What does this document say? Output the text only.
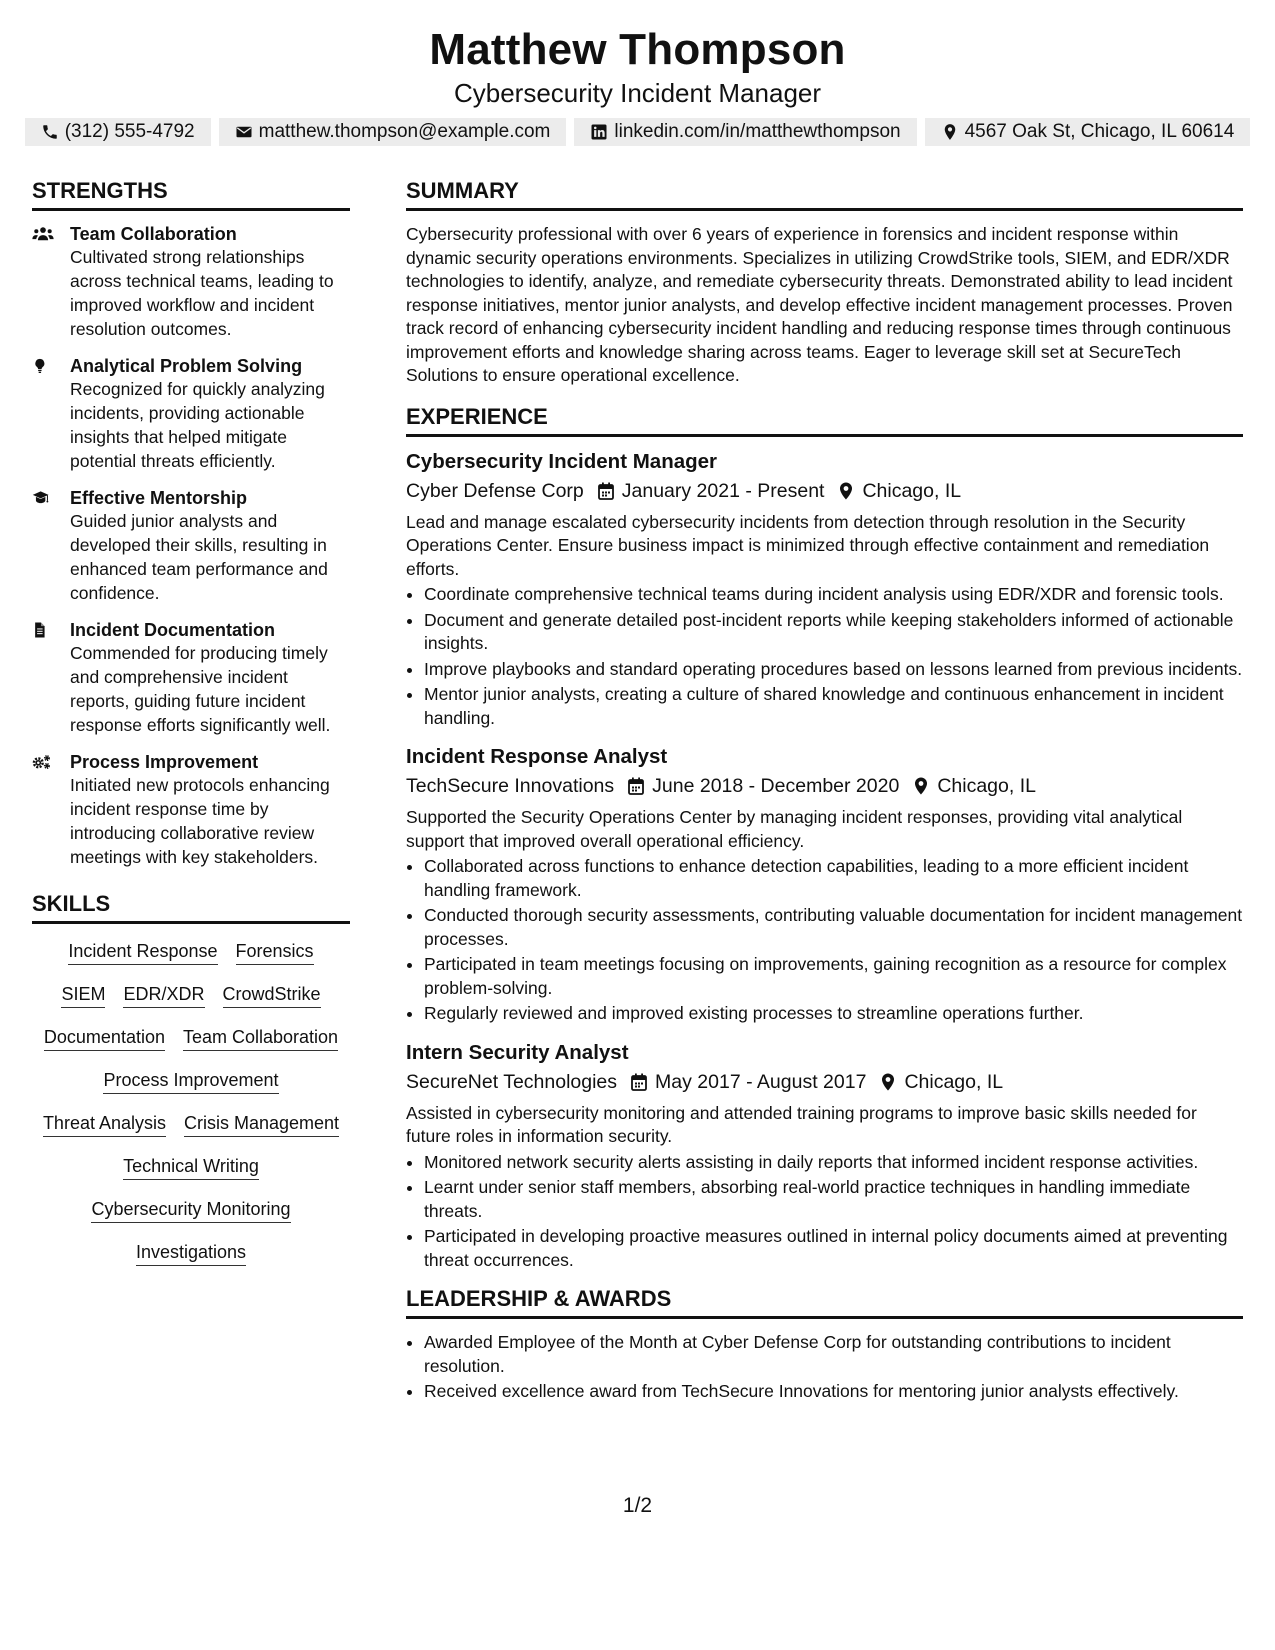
Matthew Thompson
Cybersecurity Incident Manager
(312) 555-4792	matthew.thompson@example.com	linkedin.com/in/matthewthompson	4567 Oak St, Chicago, IL 60614
STRENGTHS
Team Collaboration
Cultivated strong relationships across technical teams, leading to improved workflow and incident resolution outcomes.
Analytical Problem Solving
Recognized for quickly analyzing incidents, providing actionable insights that helped mitigate potential threats efficiently.
Effective Mentorship
Guided junior analysts and developed their skills, resulting in enhanced team performance and confidence.
Incident Documentation
Commended for producing timely and comprehensive incident reports, guiding future incident response efforts significantly well.
Process Improvement
Initiated new protocols enhancing incident response time by introducing collaborative review meetings with key stakeholders.
SKILLS
Incident Response Forensics
SIEM EDR/XDR CrowdStrike
Documentation Team Collaboration
Process Improvement
Threat Analysis Crisis Management
Technical Writing
Cybersecurity Monitoring
Investigations
SUMMARY

Cybersecurity professional with over 6 years of experience in forensics and incident response within dynamic security operations environments. Specializes in utilizing CrowdStrike tools, SIEM, and EDR/XDR technologies to identify, analyze, and remediate cybersecurity threats. Demonstrated ability to lead incident response initiatives, mentor junior analysts, and develop effective incident management processes. Proven track record of enhancing cybersecurity incident handling and reducing response times through continuous improvement efforts and knowledge sharing across teams. Eager to leverage skill set at SecureTech Solutions to ensure operational excellence.

EXPERIENCE
Cybersecurity Incident Manager
Cyber Defense Corp January 2021 - Present Chicago, IL
Lead and manage escalated cybersecurity incidents from detection through resolution in the Security Operations Center. Ensure business impact is minimized through effective containment and remediation efforts.
• Coordinate comprehensive technical teams during incident analysis using EDR/XDR and forensic tools.
• Document and generate detailed post-incident reports while keeping stakeholders informed of actionable insights.
• Improve playbooks and standard operating procedures based on lessons learned from previous incidents.
• Mentor junior analysts, creating a culture of shared knowledge and continuous enhancement in incident handling.
Incident Response Analyst
TechSecure Innovations June 2018 - December 2020 Chicago, IL
Supported the Security Operations Center by managing incident responses, providing vital analytical support that improved overall operational efficiency.
• Collaborated across functions to enhance detection capabilities, leading to a more efficient incident handling framework.
• Conducted thorough security assessments, contributing valuable documentation for incident management processes.
• Participated in team meetings focusing on improvements, gaining recognition as a resource for complex problem-solving.
• Regularly reviewed and improved existing processes to streamline operations further.
Intern Security Analyst
SecureNet Technologies May 2017 - August 2017 Chicago, IL
Assisted in cybersecurity monitoring and attended training programs to improve basic skills needed for future roles in information security.
• Monitored network security alerts assisting in daily reports that informed incident response activities.
• Learnt under senior staff members, absorbing real-world practice techniques in handling immediate threats.
• Participated in developing proactive measures outlined in internal policy documents aimed at preventing threat occurrences.
LEADERSHIP & AWARDS
• Awarded Employee of the Month at Cyber Defense Corp for outstanding contributions to incident resolution.
• Received excellence award from TechSecure Innovations for mentoring junior analysts effectively.
1/2
